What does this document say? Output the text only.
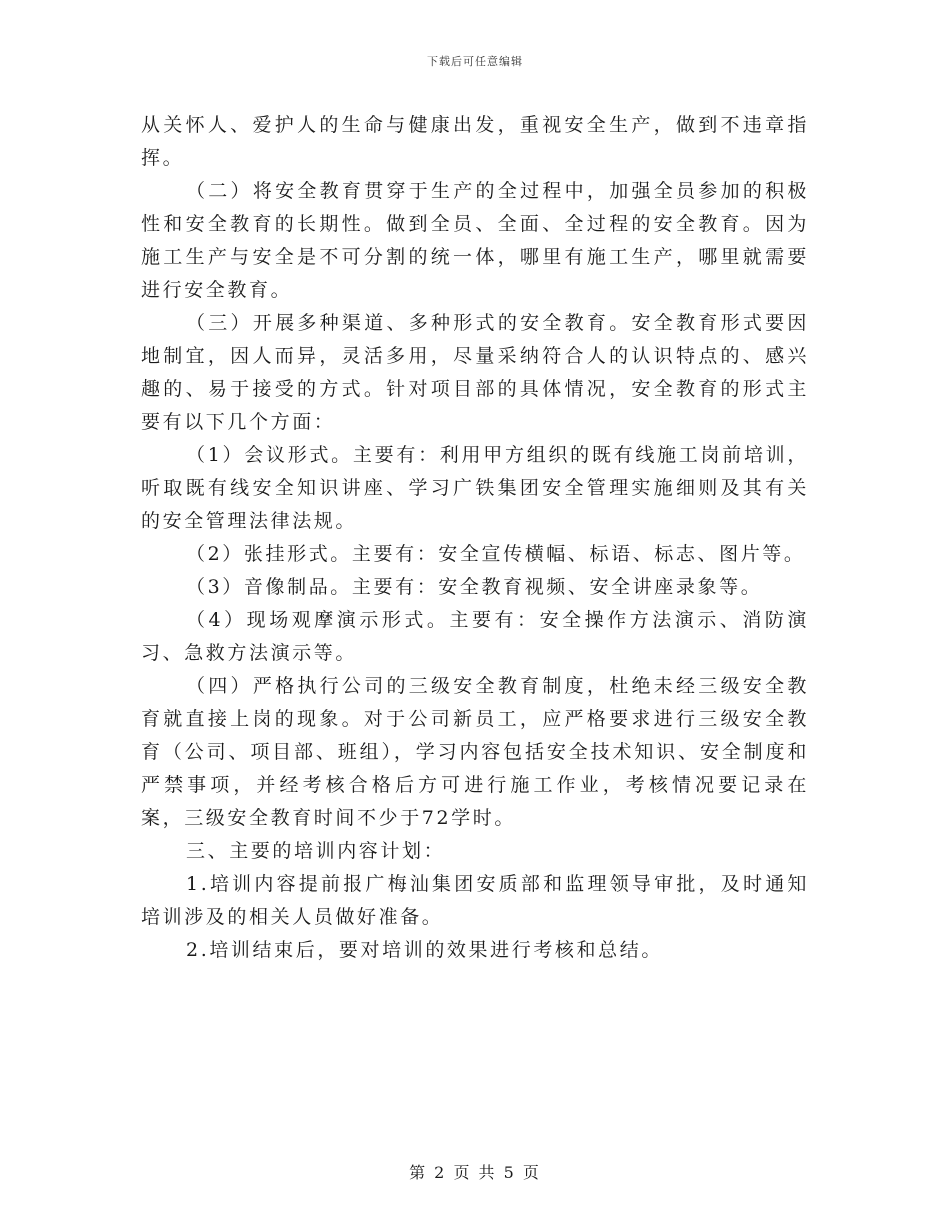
下载后可任意编辑

从关怀人、爱护人的生命与健康出发，重视安全生产，做到不违章指挥。

（二）将安全教育贯穿于生产的全过程中，加强全员参加的积极性和安全教育的长期性。做到全员、全面、全过程的安全教育。因为施工生产与安全是不可分割的统一体，哪里有施工生产，哪里就需要进行安全教育。

（三）开展多种渠道、多种形式的安全教育。安全教育形式要因地制宜，因人而异，灵活多用，尽量采纳符合人的认识特点的、感兴趣的、易于接受的方式。针对项目部的具体情况，安全教育的形式主要有以下几个方面：

（1）会议形式。主要有：利用甲方组织的既有线施工岗前培训，听取既有线安全知识讲座、学习广铁集团安全管理实施细则及其有关的安全管理法律法规。

（2）张挂形式。主要有：安全宣传横幅、标语、标志、图片等。

（3）音像制品。主要有：安全教育视频、安全讲座录象等。

（4）现场观摩演示形式。主要有：安全操作方法演示、消防演习、急救方法演示等。

（四）严格执行公司的三级安全教育制度，杜绝未经三级安全教育就直接上岗的现象。对于公司新员工，应严格要求进行三级安全教育（公司、项目部、班组），学习内容包括安全技术知识、安全制度和严禁事项，并经考核合格后方可进行施工作业，考核情况要记录在案，三级安全教育时间不少于72学时。

三、主要的培训内容计划：

1.培训内容提前报广梅汕集团安质部和监理领导审批，及时通知培训涉及的相关人员做好准备。

2.培训结束后，要对培训的效果进行考核和总结。

第 2 页 共 5 页
